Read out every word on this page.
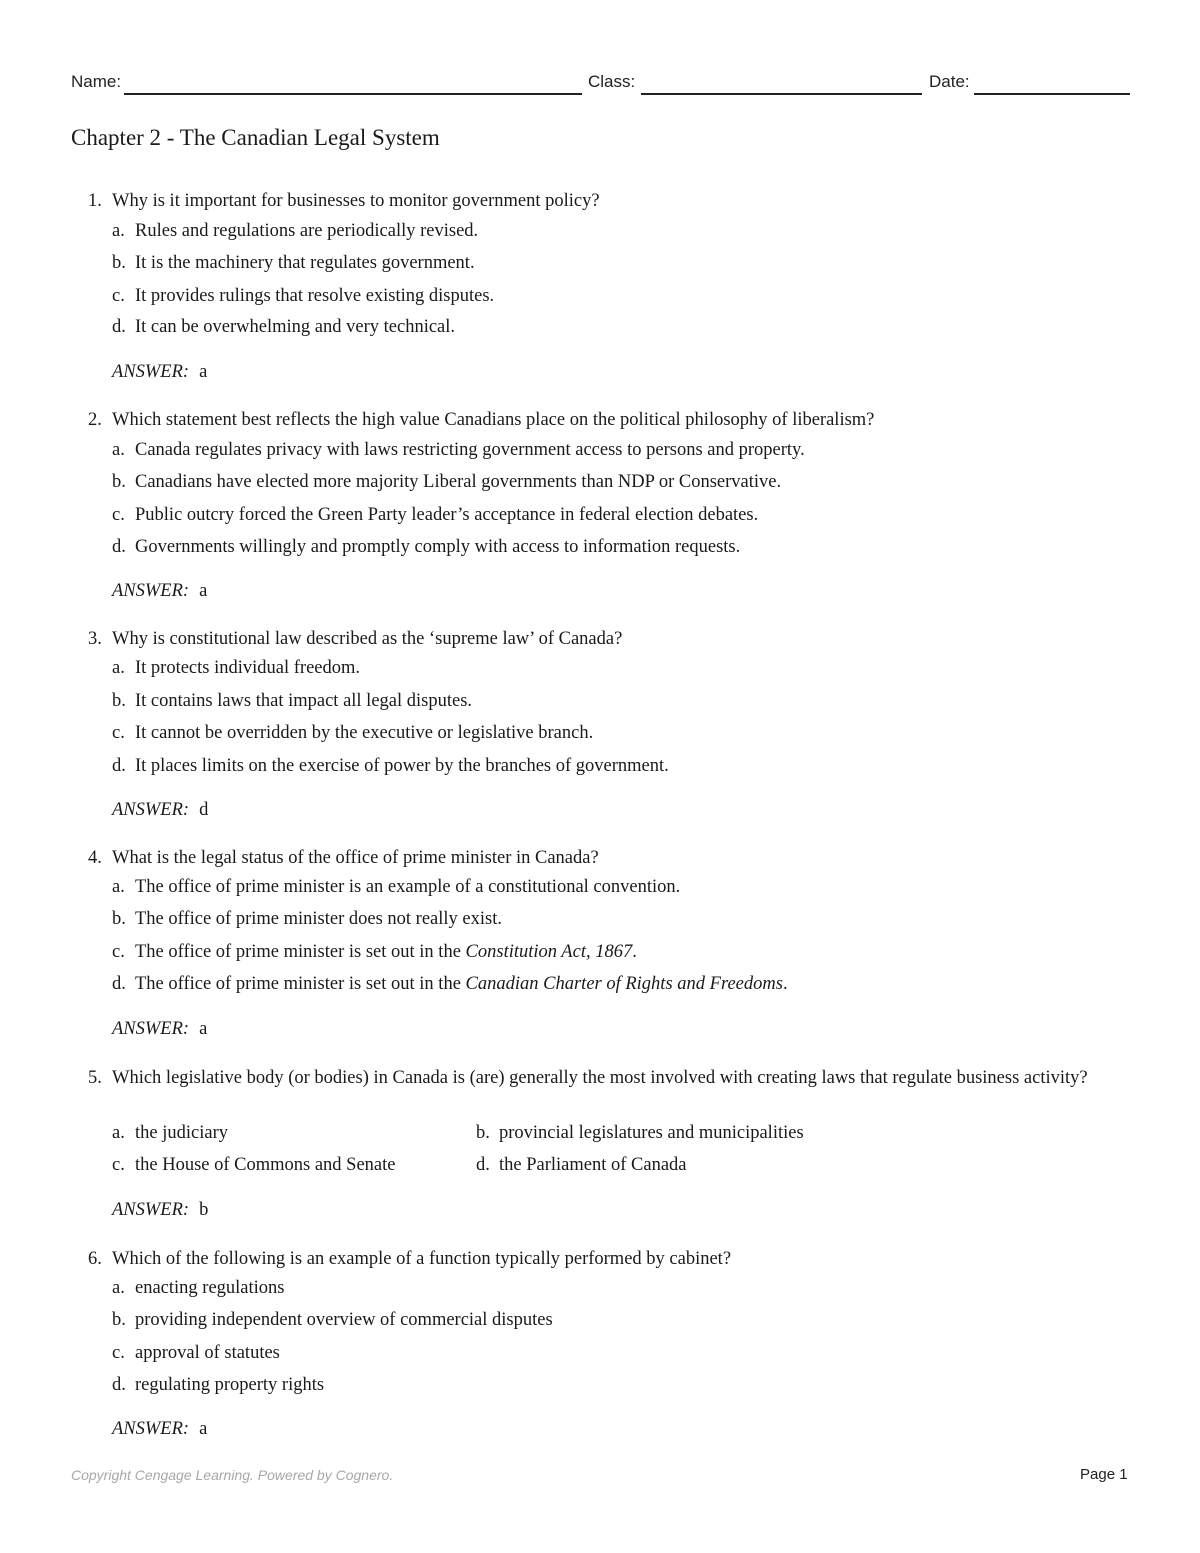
Name:	Class:	Date:
Chapter 2 - The Canadian Legal System
1. Why is it important for businesses to monitor government policy?
a. Rules and regulations are periodically revised.
b. It is the machinery that regulates government.
c. It provides rulings that resolve existing disputes.
d. It can be overwhelming and very technical.
ANSWER: a
2. Which statement best reflects the high value Canadians place on the political philosophy of liberalism?
a. Canada regulates privacy with laws restricting government access to persons and property.
b. Canadians have elected more majority Liberal governments than NDP or Conservative.
c. Public outcry forced the Green Party leader’s acceptance in federal election debates.
d. Governments willingly and promptly comply with access to information requests.
ANSWER: a
3. Why is constitutional law described as the ‘supreme law’ of Canada?
a. It protects individual freedom.
b. It contains laws that impact all legal disputes.
c. It cannot be overridden by the executive or legislative branch.
d. It places limits on the exercise of power by the branches of government.
ANSWER: d
4. What is the legal status of the office of prime minister in Canada?
a. The office of prime minister is an example of a constitutional convention.
b. The office of prime minister does not really exist.
c. The office of prime minister is set out in the Constitution Act, 1867.
d. The office of prime minister is set out in the Canadian Charter of Rights and Freedoms.
ANSWER: a
5. Which legislative body (or bodies) in Canada is (are) generally the most involved with creating laws that regulate business activity?
a. the judiciary	b. provincial legislatures and municipalities
c. the House of Commons and Senate	d. the Parliament of Canada
ANSWER: b
6. Which of the following is an example of a function typically performed by cabinet?
a. enacting regulations
b. providing independent overview of commercial disputes
c. approval of statutes
d. regulating property rights
ANSWER: a
Copyright Cengage Learning. Powered by Cognero.	Page 1
